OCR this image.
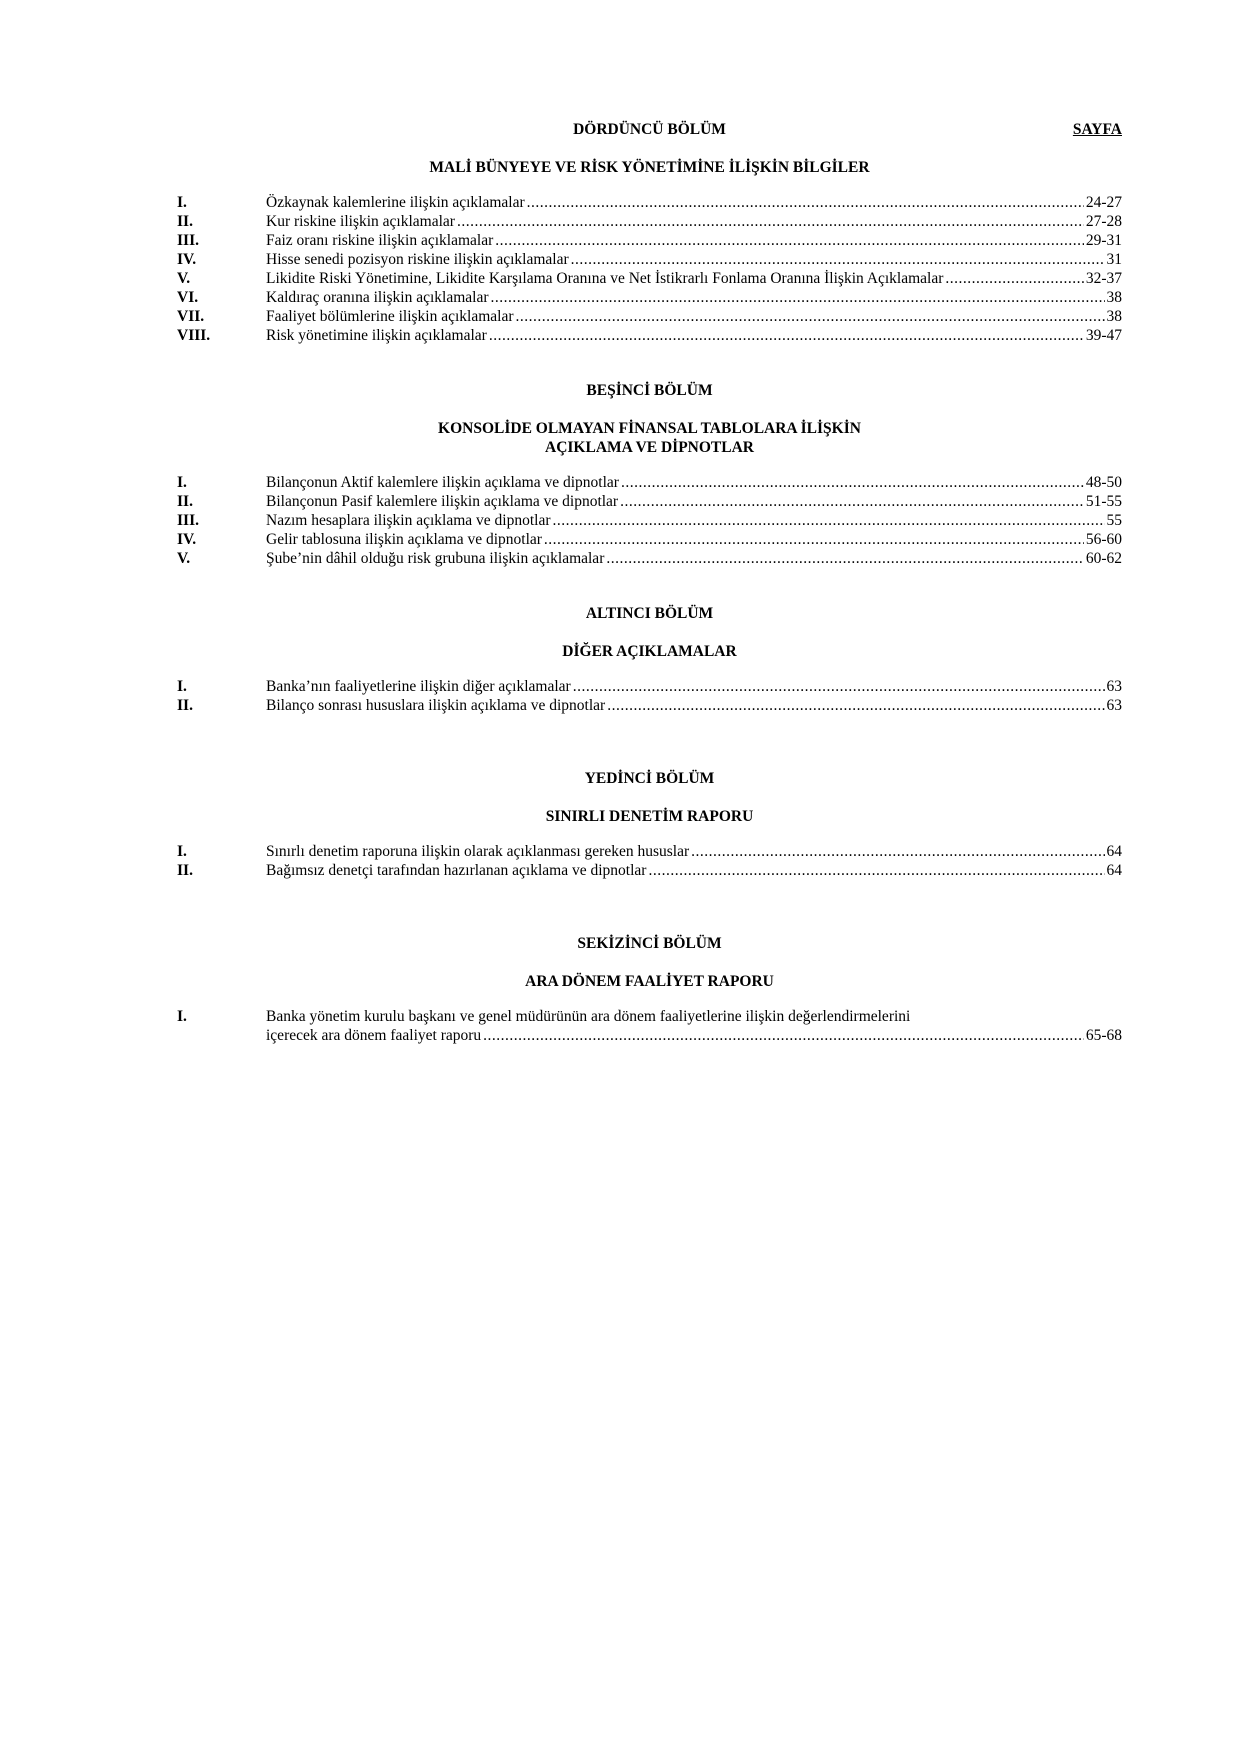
DÖRDÜNCÜ BÖLÜM	SAYFA
MALİ BÜNYEYE VE RİSK YÖNETİMİNE İLİŞKİN BİLGİLER
I.	Özkaynak kalemlerine ilişkin açıklamalar .....	24-27
II.	Kur riskine ilişkin açıklamalar .....	27-28
III.	Faiz oranı riskine ilişkin açıklamalar .....	29-31
IV.	Hisse senedi pozisyon riskine ilişkin açıklamalar .....	31
V.	Likidite Riski Yönetimine, Likidite Karşılama Oranına ve Net İstikrarlı Fonlama Oranına İlişkin Açıklamalar .....	32-37
VI.	Kaldıraç oranına ilişkin açıklamalar .....	38
VII.	Faaliyet bölümlerine ilişkin açıklamalar .....	38
VIII.	Risk yönetimine ilişkin açıklamalar .....	39-47
BEŞİNCİ BÖLÜM
KONSOLİDE OLMAYAN FİNANSAL TABLOLARA İLİŞKİN
AÇIKLAMA VE DİPNOTLAR
I.	Bilançonun Aktif kalemlere ilişkin açıklama ve dipnotlar .....	48-50
II.	Bilançonun Pasif kalemlere ilişkin açıklama ve dipnotlar .....	51-55
III.	Nazım hesaplara ilişkin açıklama ve dipnotlar .....	55
IV.	Gelir tablosuna ilişkin açıklama ve dipnotlar .....	56-60
V.	Şube’nin dâhil olduğu risk grubuna ilişkin açıklamalar .....	60-62
ALTINCI BÖLÜM
DİĞER AÇIKLAMALAR
I.	Banka’nın faaliyetlerine ilişkin diğer açıklamalar .....	63
II.	Bilanço sonrası hususlara ilişkin açıklama ve dipnotlar .....	63
YEDİNCİ BÖLÜM
SINIRLI DENETİM RAPORU
I.	Sınırlı denetim raporuna ilişkin olarak açıklanması gereken hususlar .....	64
II.	Bağımsız denetçi tarafından hazırlanan açıklama ve dipnotlar .....	64
SEKİZİNCİ BÖLÜM
ARA DÖNEM FAALİYET RAPORU
I.	Banka yönetim kurulu başkanı ve genel müdürünün ara dönem faaliyetlerine ilişkin değerlendirmelerini
içerecek ara dönem faaliyet raporu .....	65-68
